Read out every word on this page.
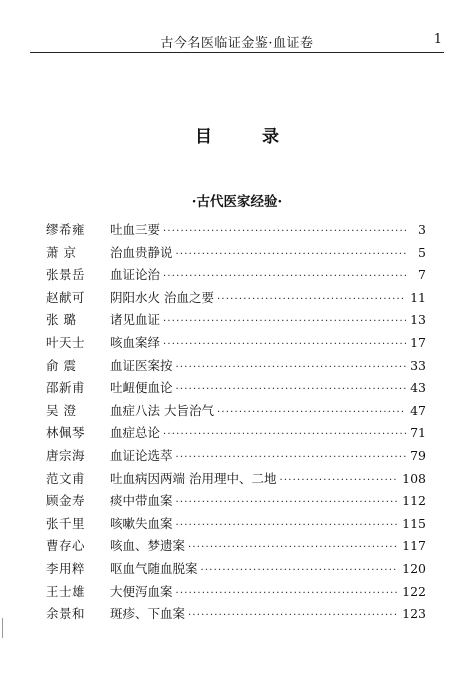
古今名医临证金鉴·血证卷	1
目 录
·古代医家经验·
缪希雍	吐血三要 ·····	3
萧 京	治血贵静说 ·····	5
张景岳	血证论治 ·····	7
赵献可	阴阳水火 治血之要 ·····	11
张 璐	诸见血证 ·····	13
叶天士	咳血案绎 ·····	17
俞 震	血证医案按 ·····	33
邵新甫	吐衄便血论 ·····	43
吴 澄	血症八法 大旨治气 ·····	47
林佩琴	血症总论 ·····	71
唐宗海	血证论选萃 ·····	79
范文甫	吐血病因两端 治用理中、二地 ·····	108
顾金寿	痰中带血案 ·····	112
张千里	咳嗽失血案 ·····	115
曹存心	咳血、梦遗案 ·····	117
李用粹	呕血气随血脱案 ·····	120
王士雄	大便泻血案 ·····	122
余景和	斑疹、下血案 ·····	123
